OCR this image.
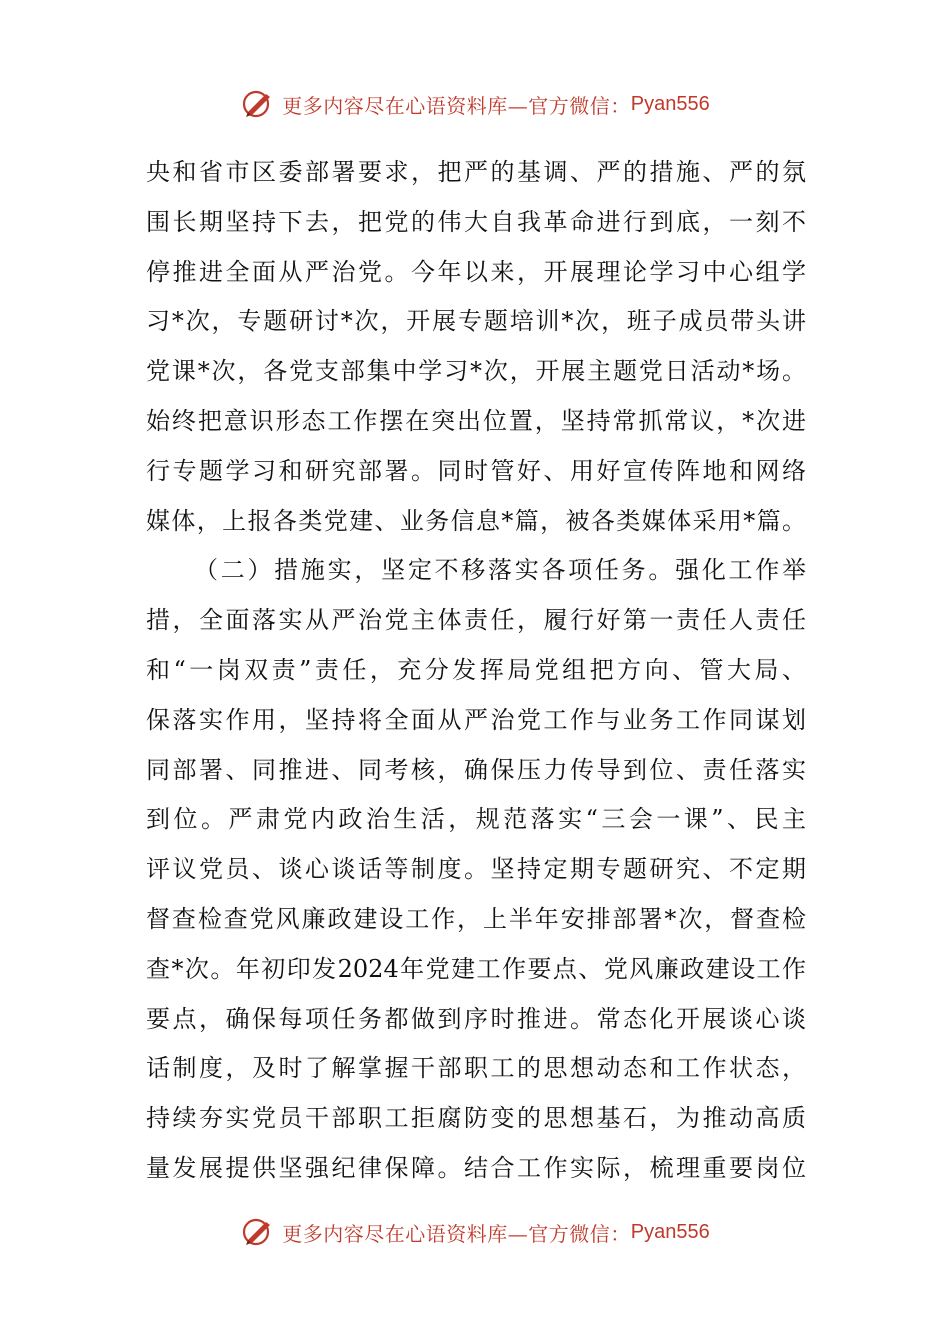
更多内容尽在心语资料库—官方微信： Pyan556
央和省市区委部署要求，把严的基调、严的措施、严的氛
围长期坚持下去，把党的伟大自我革命进行到底，一刻不
停推进全面从严治党。今年以来，开展理论学习中心组学
习*次，专题研讨*次，开展专题培训*次，班子成员带头讲
党课*次，各党支部集中学习*次，开展主题党日活动*场。
始终把意识形态工作摆在突出位置，坚持常抓常议，*次进
行专题学习和研究部署。同时管好、用好宣传阵地和网络
媒体，上报各类党建、业务信息*篇，被各类媒体采用*篇。
（二）措施实，坚定不移落实各项任务。强化工作举
措，全面落实从严治党主体责任，履行好第一责任人责任
和“一岗双责”责任，充分发挥局党组把方向、管大局、
保落实作用，坚持将全面从严治党工作与业务工作同谋划
同部署、同推进、同考核，确保压力传导到位、责任落实
到位。严肃党内政治生活，规范落实“三会一课”、民主
评议党员、谈心谈话等制度。坚持定期专题研究、不定期
督查检查党风廉政建设工作，上半年安排部署*次，督查检
查*次。年初印发2024年党建工作要点、党风廉政建设工作
要点，确保每项任务都做到序时推进。常态化开展谈心谈
话制度，及时了解掌握干部职工的思想动态和工作状态，
持续夯实党员干部职工拒腐防变的思想基石，为推动高质
量发展提供坚强纪律保障。结合工作实际，梳理重要岗位
更多内容尽在心语资料库—官方微信： Pyan556
